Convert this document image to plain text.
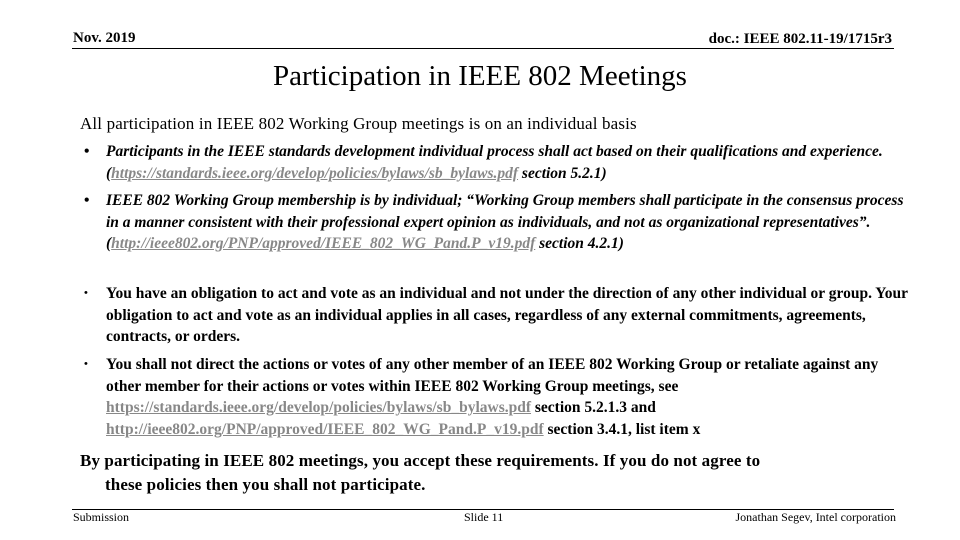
Nov. 2019	doc.: IEEE 802.11-19/1715r3
Participation in IEEE 802 Meetings
All participation in IEEE 802 Working Group meetings is on an individual basis
• Participants in the IEEE standards development individual process shall act based on their qualifications and experience. (https://standards.ieee.org/develop/policies/bylaws/sb_bylaws.pdf section 5.2.1)
• IEEE 802 Working Group membership is by individual; “Working Group members shall participate in the consensus process in a manner consistent with their professional expert opinion as individuals, and not as organizational representatives”. (http://ieee802.org/PNP/approved/IEEE_802_WG_Pand.P_v19.pdf section 4.2.1)
• You have an obligation to act and vote as an individual and not under the direction of any other individual or group. Your obligation to act and vote as an individual applies in all cases, regardless of any external commitments, agreements, contracts, or orders.
• You shall not direct the actions or votes of any other member of an IEEE 802 Working Group or retaliate against any other member for their actions or votes within IEEE 802 Working Group meetings, see https://standards.ieee.org/develop/policies/bylaws/sb_bylaws.pdf section 5.2.1.3 and http://ieee802.org/PNP/approved/IEEE_802_WG_Pand.P_v19.pdf section 3.4.1, list item x
By participating in IEEE 802 meetings, you accept these requirements. If you do not agree to
these policies then you shall not participate.
Submission	Slide 11	Jonathan Segev, Intel corporation
